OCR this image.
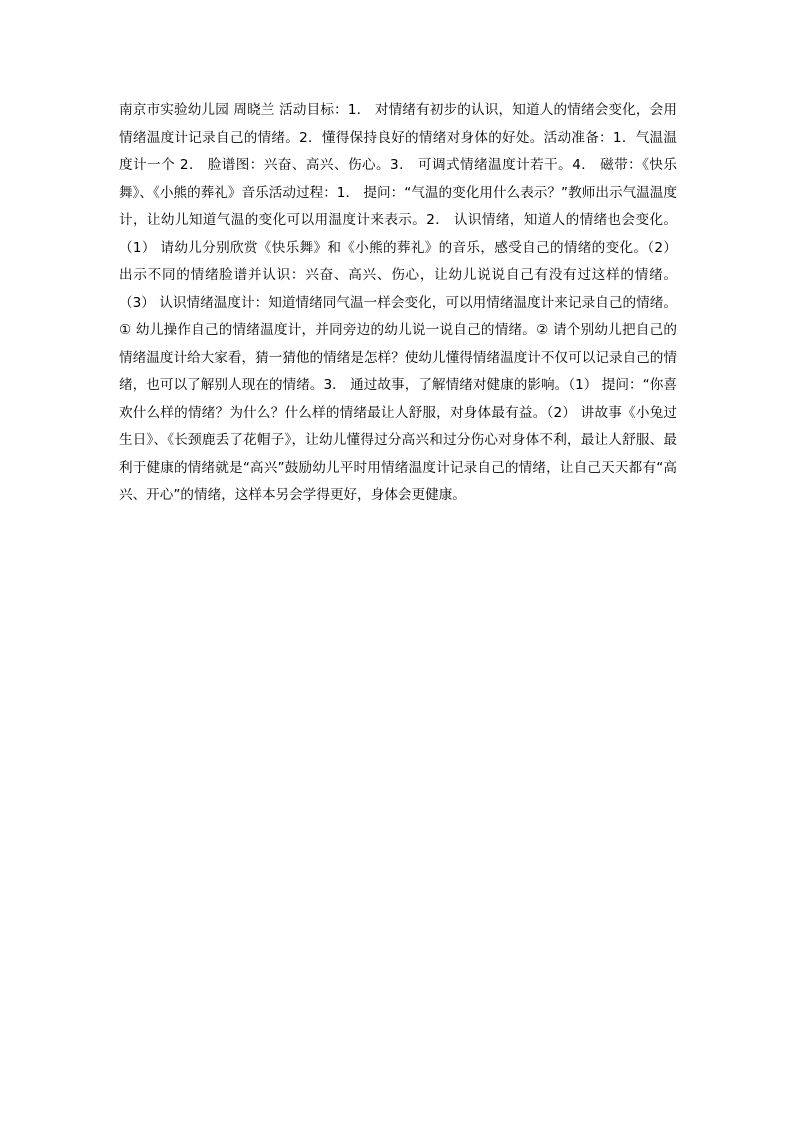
南京市实验幼儿园 周晓兰 活动目标：1． 对情绪有初步的认识，知道人的情绪会变化，会用情绪温度计记录自己的情绪。2．懂得保持良好的情绪对身体的好处。活动准备：1．气温温度计一个 2． 脸谱图：兴奋、高兴、伤心。3． 可调式情绪温度计若干。4． 磁带：《快乐舞》、《小熊的葬礼》音乐活动过程：1． 提问：“气温的变化用什么表示？”教师出示气温温度计，让幼儿知道气温的变化可以用温度计来表示。2． 认识情绪，知道人的情绪也会变化。（1） 请幼儿分别欣赏《快乐舞》和《小熊的葬礼》的音乐，感受自己的情绪的变化。（2） 出示不同的情绪脸谱并认识：兴奋、高兴、伤心，让幼儿说说自己有没有过这样的情绪。（3） 认识情绪温度计：知道情绪同气温一样会变化，可以用情绪温度计来记录自己的情绪。① 幼儿操作自己的情绪温度计，并同旁边的幼儿说一说自己的情绪。② 请个别幼儿把自己的情绪温度计给大家看，猜一猜他的情绪是怎样？使幼儿懂得情绪温度计不仅可以记录自己的情绪，也可以了解别人现在的情绪。3． 通过故事，了解情绪对健康的影响。（1） 提问：“你喜欢什么样的情绪？为什么？什么样的情绪最让人舒服，对身体最有益。（2） 讲故事《小兔过生日》、《长颈鹿丢了花帽子》，让幼儿懂得过分高兴和过分伤心对身体不利，最让人舒服、最利于健康的情绪就是“高兴”鼓励幼儿平时用情绪温度计记录自己的情绪，让自己天天都有“高兴、开心”的情绪，这样本另会学得更好，身体会更健康。
